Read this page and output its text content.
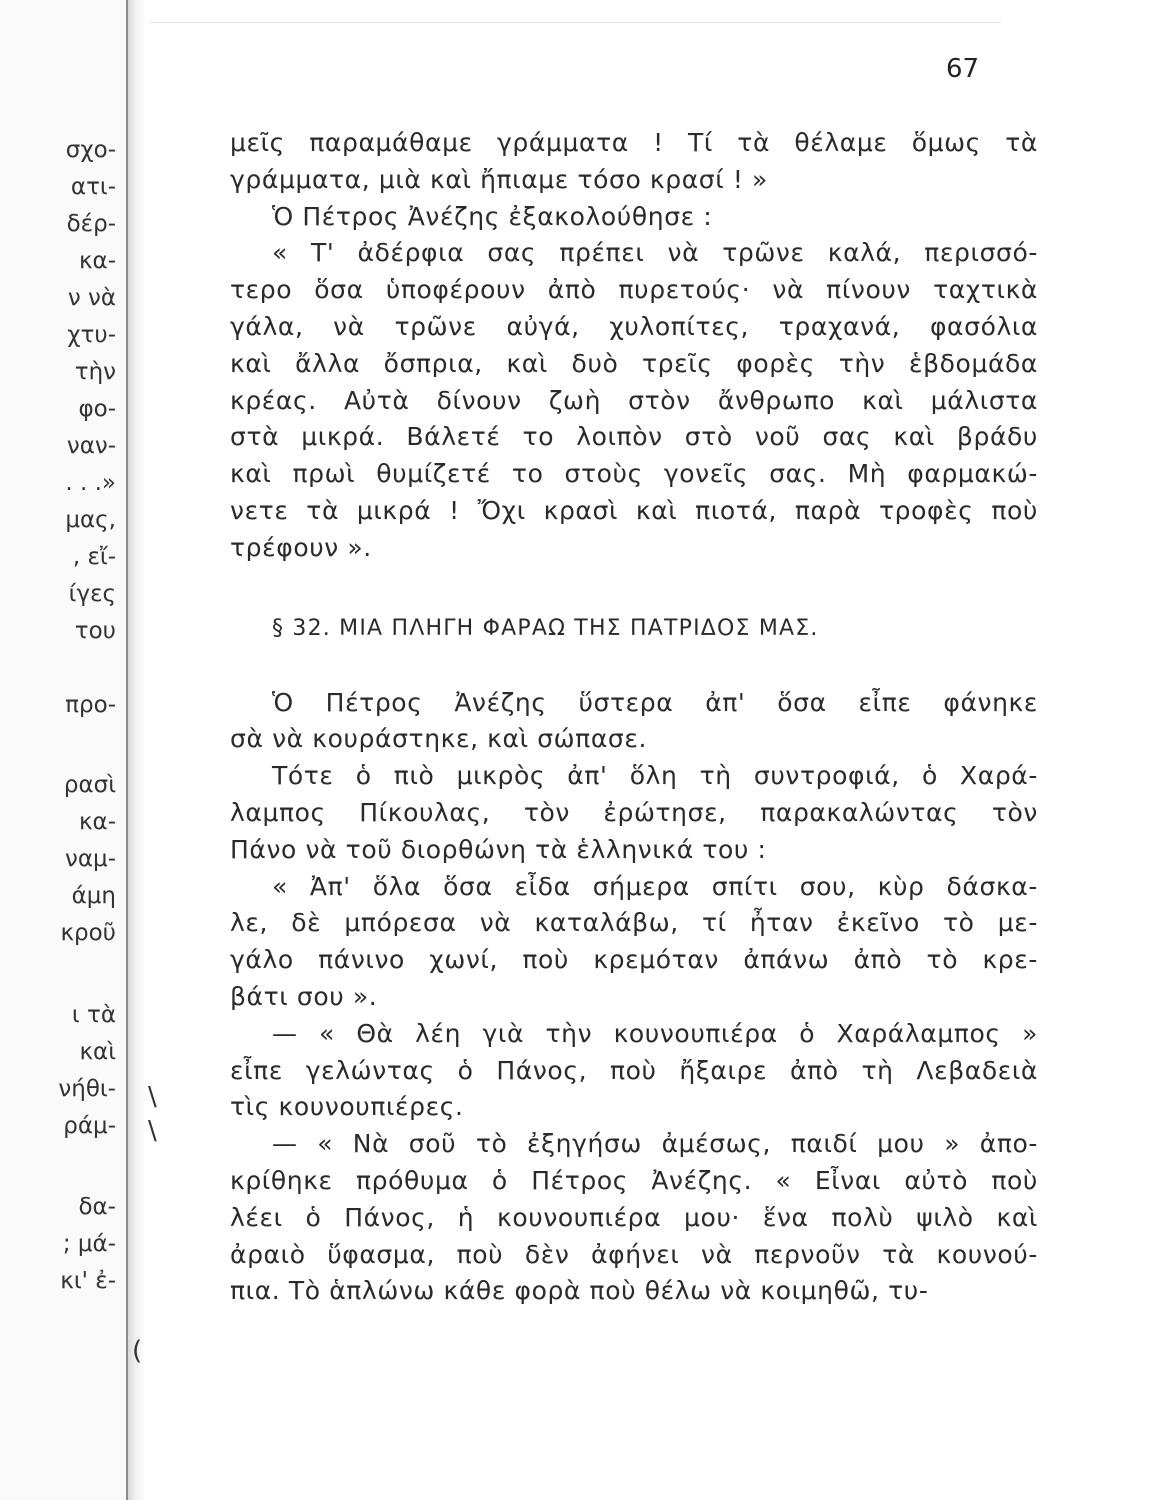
σχο-
ατι-
δέρ-
κα-
ν νὰ
χτυ-
τὴν
φο-
ναν-
. . .»
μας,
, εἴ-
ίγες
του
προ-
ρασὶ
κα-
ναμ-
άμη
κροῦ
ι τὰ
καὶ
νήθι-
ράμ-
δα-
; μά-
κι' ἐ-
\
\
(
67
μεῖς παραμάθαμε γράμματα ! Τί τὰ θέλαμε ὅμως τὰ
γράμματα, μιὰ καὶ ἤπιαμε τόσο κρασί ! »
Ὁ Πέτρος Ἀνέζης ἐξακολούθησε :
« Τ' ἀδέρφια σας πρέπει νὰ τρῶνε καλά, περισσό-
τερο ὅσα ὑποφέρουν ἀπὸ πυρετούς· νὰ πίνουν ταχτικὰ
γάλα, νὰ τρῶνε αὐγά, χυλοπίτες, τραχανά, φασόλια
καὶ ἄλλα ὄσπρια, καὶ δυὸ τρεῖς φορὲς τὴν ἑβδομάδα
κρέας. Αὐτὰ δίνουν ζωὴ στὸν ἄνθρωπο καὶ μάλιστα
στὰ μικρά. Βάλετέ το λοιπὸν στὸ νοῦ σας καὶ βράδυ
καὶ πρωὶ θυμίζετέ το στοὺς γονεῖς σας. Μὴ φαρμακώ-
νετε τὰ μικρά ! Ὄχι κρασὶ καὶ πιοτά, παρὰ τροφὲς ποὺ
τρέφουν ».
§ 32. ΜΙΑ ΠΛΗΓΗ ΦΑΡΑΩ ΤΗΣ ΠΑΤΡΙΔΟΣ ΜΑΣ.
Ὁ Πέτρος Ἀνέζης ὕστερα ἀπ' ὅσα εἶπε φάνηκε
σὰ νὰ κουράστηκε, καὶ σώπασε.
Τότε ὁ πιὸ μικρὸς ἀπ' ὅλη τὴ συντροφιά, ὁ Χαρά-
λαμπος Πίκουλας, τὸν ἐρώτησε, παρακαλώντας τὸν
Πάνο νὰ τοῦ διορθώνη τὰ ἑλληνικά του :
« Ἀπ' ὅλα ὅσα εἶδα σήμερα σπίτι σου, κὺρ δάσκα-
λε, δὲ μπόρεσα νὰ καταλάβω, τί ἦταν ἐκεῖνο τὸ με-
γάλο πάνινο χωνί, ποὺ κρεμόταν ἀπάνω ἀπὸ τὸ κρε-
βάτι σου ».
— « Θὰ λέη γιὰ τὴν κουνουπιέρα ὁ Χαράλαμπος »
εἶπε γελώντας ὁ Πάνος, ποὺ ἤξαιρε ἀπὸ τὴ Λεβαδειὰ
τὶς κουνουπιέρες.
— « Νὰ σοῦ τὸ ἐξηγήσω ἀμέσως, παιδί μου » ἀπο-
κρίθηκε πρόθυμα ὁ Πέτρος Ἀνέζης. « Εἶναι αὐτὸ ποὺ
λέει ὁ Πάνος, ἡ κουνουπιέρα μου· ἕνα πολὺ ψιλὸ καὶ
ἀραιὸ ὕφασμα, ποὺ δὲν ἀφήνει νὰ περνοῦν τὰ κουνού-
πια. Τὸ ἁπλώνω κάθε φορὰ ποὺ θέλω νὰ κοιμηθῶ, τυ-
